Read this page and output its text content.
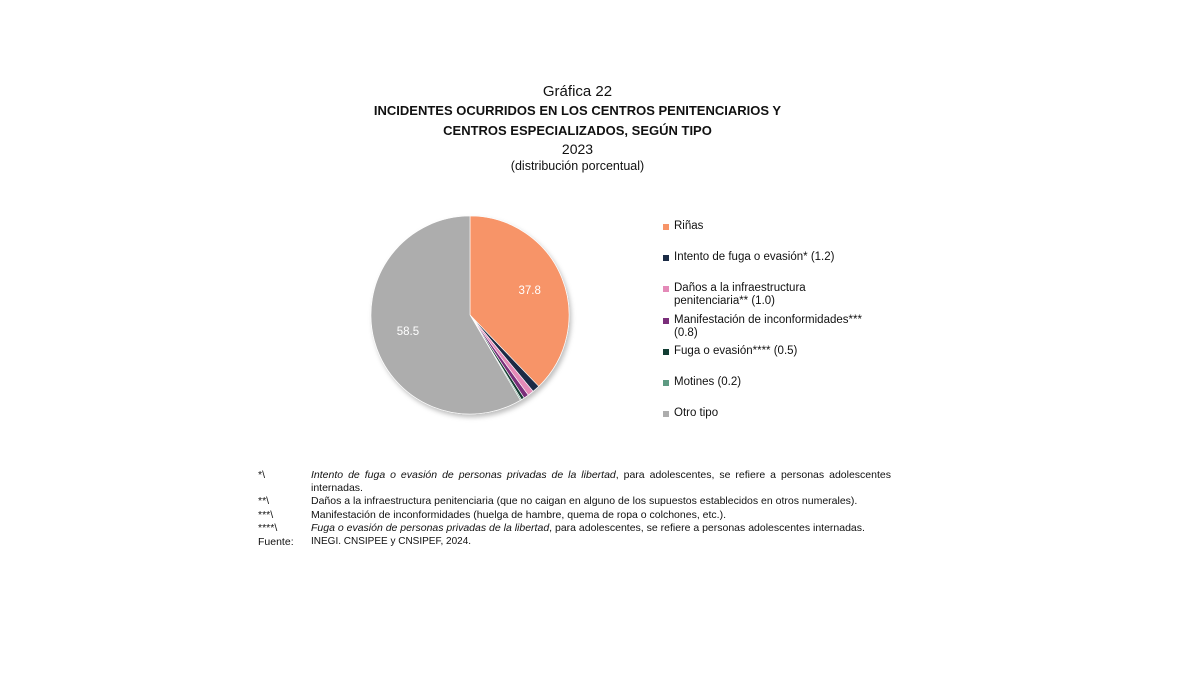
Gráfica 22
INCIDENTES OCURRIDOS EN LOS CENTROS PENITENCIARIOS Y
CENTROS ESPECIALIZADOS, SEGÚN TIPO
2023
(distribución porcentual)
37.8
58.5
Riñas
Intento de fuga o evasión* (1.2)
Daños a la infraestructura penitenciaria** (1.0)
Manifestación de inconformidades*** (0.8)
Fuga o evasión**** (0.5)
Motines (0.2)
Otro tipo
*\	Intento de fuga o evasión de personas privadas de la libertad, para adolescentes, se refiere a personas adolescentes internadas.
**\	Daños a la infraestructura penitenciaria (que no caigan en alguno de los supuestos establecidos en otros numerales).
***\	Manifestación de inconformidades (huelga de hambre, quema de ropa o colchones, etc.).
****\	Fuga o evasión de personas privadas de la libertad, para adolescentes, se refiere a personas adolescentes internadas.
Fuente:	INEGI. CNSIPEE y CNSIPEF, 2024.
